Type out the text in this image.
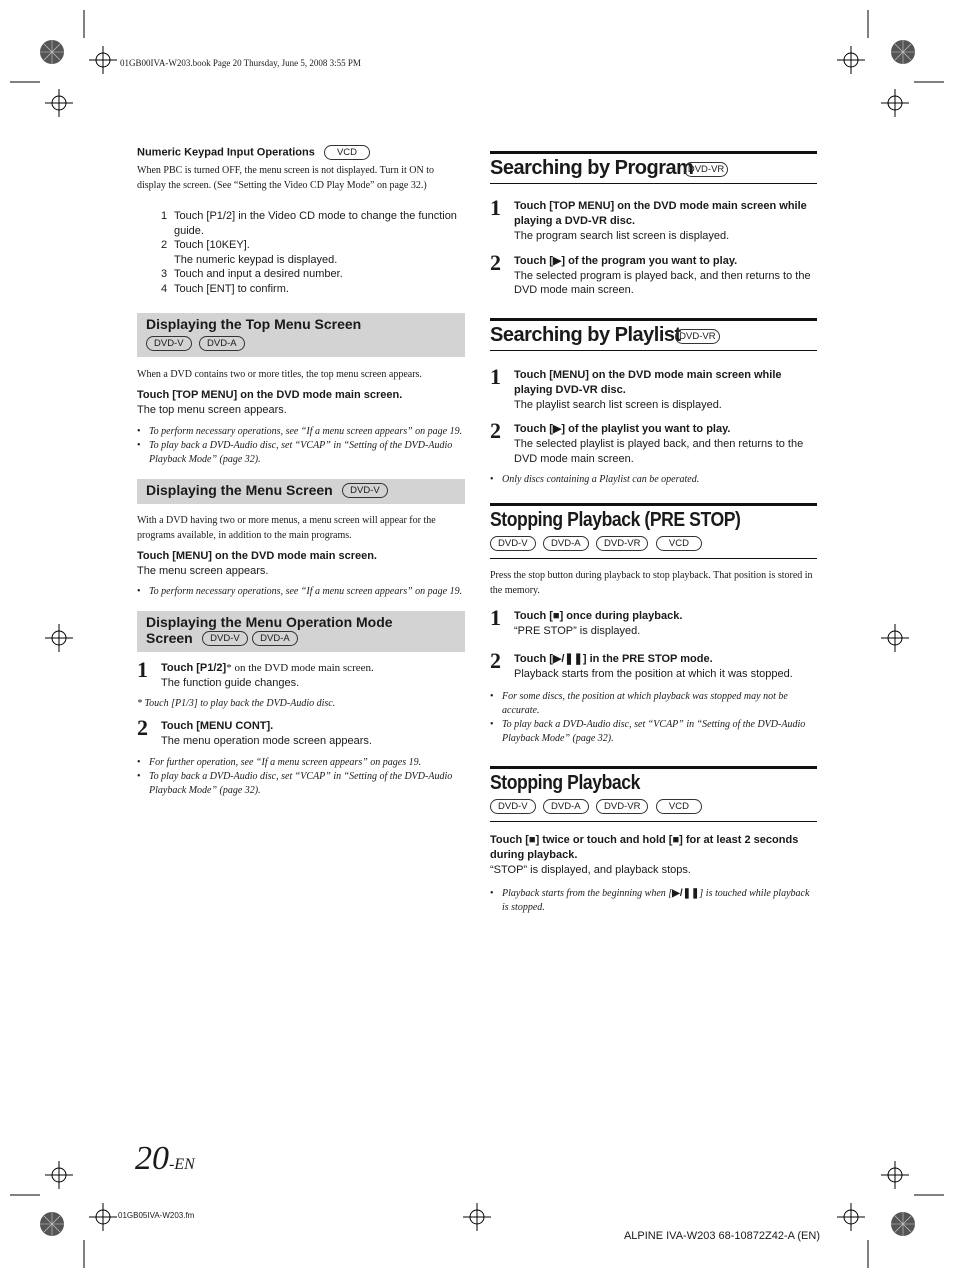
01GB00IVA-W203.book Page 20 Thursday, June 5, 2008 3:55 PM
Numeric Keypad Input Operations VCD
When PBC is turned OFF, the menu screen is not displayed. Turn it ON to display the screen. (See “Setting the Video CD Play Mode” on page 32.)
1 Touch [P1/2] in the Video CD mode to change the function guide.
2 Touch [10KEY].
The numeric keypad is displayed.
3 Touch and input a desired number.
4 Touch [ENT] to confirm.
Displaying the Top Menu Screen
DVD-V DVD-A
When a DVD contains two or more titles, the top menu screen appears.
Touch [TOP MENU] on the DVD mode main screen.
The top menu screen appears.
• To perform necessary operations, see “If a menu screen appears” on page 19.
• To play back a DVD-Audio disc, set “VCAP” in “Setting of the DVD-Audio Playback Mode” (page 32).
Displaying the Menu Screen DVD-V
With a DVD having two or more menus, a menu screen will appear for the programs available, in addition to the main programs.
Touch [MENU] on the DVD mode main screen.
The menu screen appears.
• To perform necessary operations, see “If a menu screen appears” on page 19.
Displaying the Menu Operation Mode
Screen DVD-V DVD-A
1 Touch [P1/2]* on the DVD mode main screen.
The function guide changes.
* Touch [P1/3] to play back the DVD-Audio disc.
2 Touch [MENU CONT].
The menu operation mode screen appears.
• For further operation, see “If a menu screen appears” on pages 19.
• To play back a DVD-Audio disc, set “VCAP” in “Setting of the DVD-Audio Playback Mode” (page 32).
Searching by Program DVD-VR
1 Touch [TOP MENU] on the DVD mode main screen while playing a DVD-VR disc.
The program search list screen is displayed.
2 Touch [▶] of the program you want to play.
The selected program is played back, and then returns to the DVD mode main screen.
Searching by Playlist DVD-VR
1 Touch [MENU] on the DVD mode main screen while playing DVD-VR disc.
The playlist search list screen is displayed.
2 Touch [▶] of the playlist you want to play.
The selected playlist is played back, and then returns to the DVD mode main screen.
• Only discs containing a Playlist can be operated.
Stopping Playback (PRE STOP)
DVD-V DVD-A DVD-VR	VCD
Press the stop button during playback to stop playback. That position is stored in the memory.
1 Touch [■] once during playback.
“PRE STOP” is displayed.
2 Touch [▶/❚❚] in the PRE STOP mode.
Playback starts from the position at which it was stopped.
• For some discs, the position at which playback was stopped may not be accurate.
• To play back a DVD-Audio disc, set “VCAP” in “Setting of the DVD-Audio Playback Mode” (page 32).
Stopping Playback
DVD-V DVD-A DVD-VR	VCD
Touch [■] twice or touch and hold [■] for at least 2 seconds during playback.
“STOP” is displayed, and playback stops.
• Playback starts from the beginning when [▶/❚❚] is touched while playback is stopped.
20-EN
01GB05IVA-W203.fm
ALPINE IVA-W203 68-10872Z42-A (EN)
